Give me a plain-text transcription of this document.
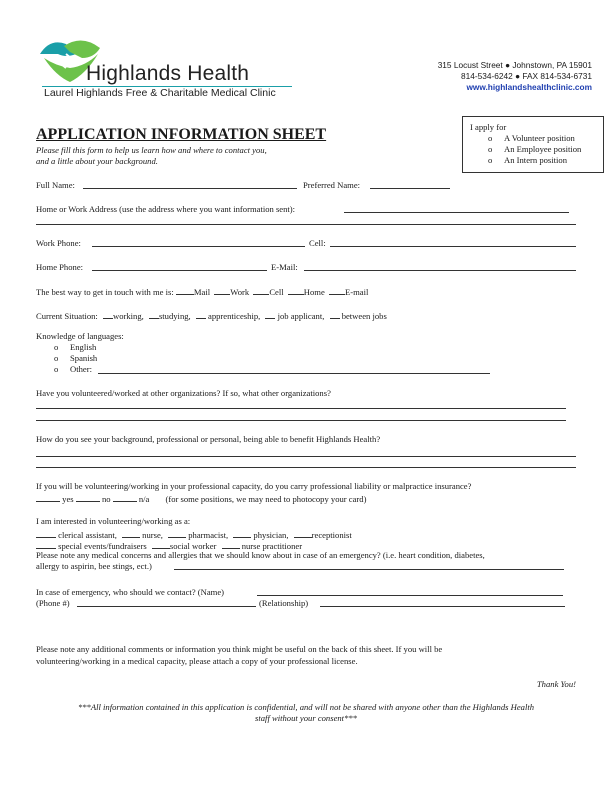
Highlands Health
Laurel Highlands Free & Charitable Medical Clinic
315 Locust Street ● Johnstown, PA 15901
814-534-6242 ● FAX 814-534-6731
www.highlandshealthclinic.com
APPLICATION INFORMATION SHEET
Please fill this form to help us learn how and where to contact you,
and a little about your background.
I apply for
o A Volunteer position
o An Employee position
o An Intern position
Full Name:	Preferred Name:
Home or Work Address (use the address where you want information sent):
Work Phone:	Cell:
Home Phone:	E-Mail:
The best way to get in touch with me is: Mail Work Cell Home E-mail
Current Situation: working, studying, apprenticeship, job applicant, between jobs
Knowledge of languages:
o English
o Spanish
o Other:
Have you volunteered/worked at other organizations? If so, what other organizations?
How do you see your background, professional or personal, being able to benefit Highlands Health?
If you will be volunteering/working in your professional capacity, do you carry professional liability or malpractice insurance?
yes	no	n/a (for some positions, we may need to photocopy your card)
I am interested in volunteering/working as a:
clerical assistant,	nurse,	pharmacist,	physician,	receptionist
special events/fundraisers	social worker	nurse practitioner
Please note any medical concerns and allergies that we should know about in case of an emergency? (i.e. heart condition, diabetes,
allergy to aspirin, bee stings, ect.)
In case of emergency, who should we contact? (Name)
(Phone #)	(Relationship)
Please note any additional comments or information you think might be useful on the back of this sheet. If you will be
volunteering/working in a medical capacity, please attach a copy of your professional license.
Thank You!
***All information contained in this application is confidential, and will not be shared with anyone other than the Highlands Health
staff without your consent***
